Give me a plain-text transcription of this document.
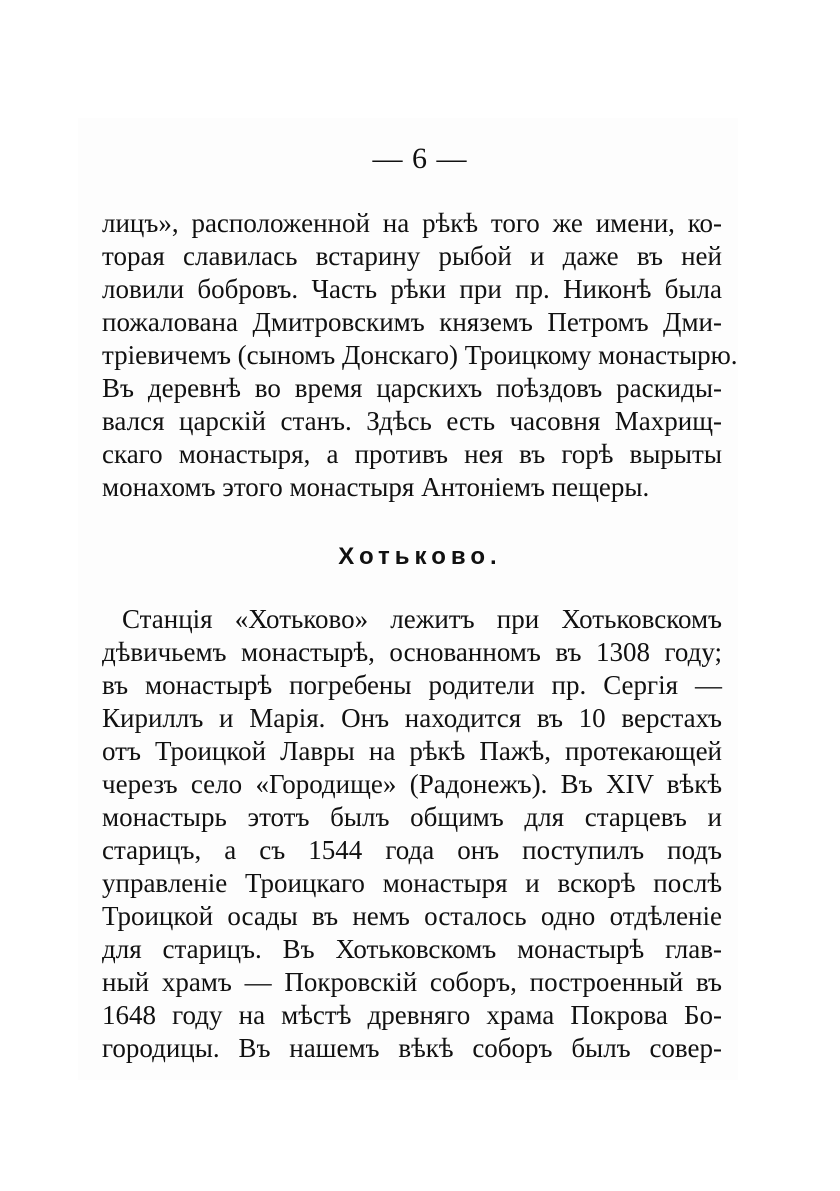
— 6 —
лицъ», расположенной на рѣкѣ того же имени, ко-
торая славилась встарину рыбой и даже въ ней
ловили бобровъ. Часть рѣки при пр. Никонѣ была
пожалована Дмитровскимъ княземъ Петромъ Дми-
тріевичемъ (сыномъ Донскаго) Троицкому монастырю.
Въ деревнѣ во время царскихъ поѣздовъ раскиды-
вался царскій станъ. Здѣсь есть часовня Махрищ-
скаго монастыря, а противъ нея въ горѣ вырыты
монахомъ этого монастыря Антоніемъ пещеры.
Хотьково.
Станція «Хотьково» лежитъ при Хотьковскомъ
дѣвичьемъ монастырѣ, основанномъ въ 1308 году;
въ монастырѣ погребены родители пр. Сергія —
Кириллъ и Марія. Онъ находится въ 10 верстахъ
отъ Троицкой Лавры на рѣкѣ Пажѣ, протекающей
черезъ село «Городище» (Радонежъ). Въ XIV вѣкѣ
монастырь этотъ былъ общимъ для старцевъ и
старицъ, а съ 1544 года онъ поступилъ подъ
управленіе Троицкаго монастыря и вскорѣ послѣ
Троицкой осады въ немъ осталось одно отдѣленіе
для старицъ. Въ Хотьковскомъ монастырѣ глав-
ный храмъ — Покровскій соборъ, построенный въ
1648 году на мѣстѣ древняго храма Покрова Бо-
городицы. Въ нашемъ вѣкѣ соборъ былъ совер-
